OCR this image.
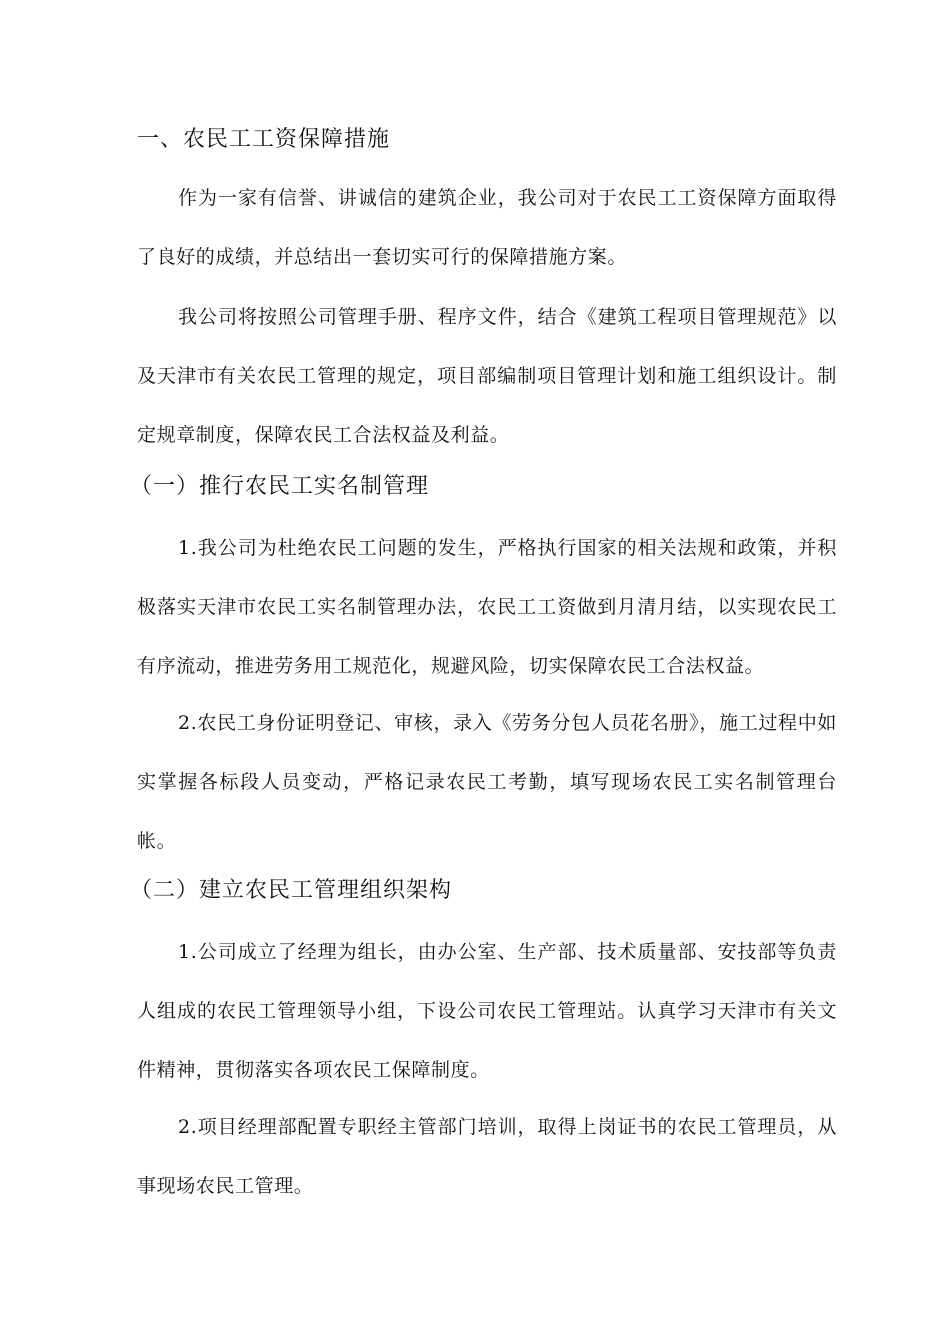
一、农民工工资保障措施
作为一家有信誉、讲诚信的建筑企业，我公司对于农民工工资保障方面取得了良好的成绩，并总结出一套切实可行的保障措施方案。
我公司将按照公司管理手册、程序文件，结合《建筑工程项目管理规范》以及天津市有关农民工管理的规定，项目部编制项目管理计划和施工组织设计。制定规章制度，保障农民工合法权益及利益。
（一）推行农民工实名制管理
1.我公司为杜绝农民工问题的发生，严格执行国家的相关法规和政策，并积极落实天津市农民工实名制管理办法，农民工工资做到月清月结，以实现农民工有序流动，推进劳务用工规范化，规避风险，切实保障农民工合法权益。
2.农民工身份证明登记、审核，录入《劳务分包人员花名册》，施工过程中如实掌握各标段人员变动，严格记录农民工考勤，填写现场农民工实名制管理台帐。
（二）建立农民工管理组织架构
1.公司成立了经理为组长，由办公室、生产部、技术质量部、安技部等负责人组成的农民工管理领导小组，下设公司农民工管理站。认真学习天津市有关文件精神，贯彻落实各项农民工保障制度。
2.项目经理部配置专职经主管部门培训，取得上岗证书的农民工管理员，从事现场农民工管理。
